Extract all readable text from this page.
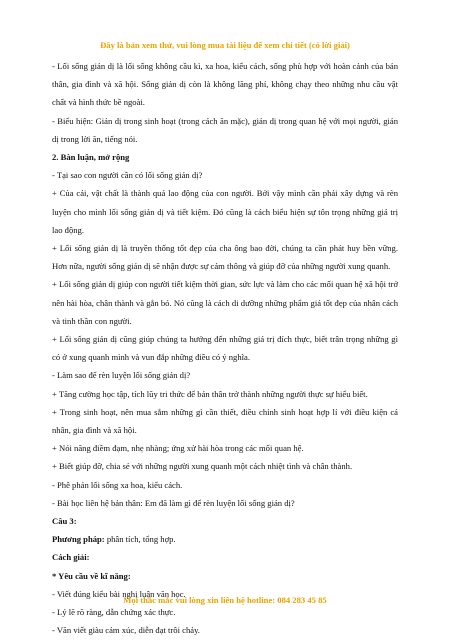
Đây là bản xem thử, vui lòng mua tài liệu để xem chi tiết (có lời giải)

- Lối sống giản dị là lối sống không cầu kì, xa hoa, kiểu cách, sống phù hợp với hoàn cảnh của bản thân, gia đình và xã hội. Sống giản dị còn là không lãng phí, không chạy theo những nhu cầu vật chất và hình thức bề ngoài.

- Biểu hiện: Giản dị trong sinh hoạt (trong cách ăn mặc), giản dị trong quan hệ với mọi người, giản dị trong lời ăn, tiếng nói.

2. Bàn luận, mở rộng

- Tại sao con người cần có lối sống giản dị?

+ Của cải, vật chất là thành quả lao động của con người. Bởi vậy mình cần phải xây dựng và rèn luyện cho mình lối sống giản dị và tiết kiệm. Đó cũng là cách biểu hiện sự tôn trọng những giá trị lao động.

+ Lối sống giản dị là truyền thống tốt đẹp của cha ông bao đời, chúng ta cần phát huy bền vững. Hơn nữa, người sống giản dị sẽ nhận được sự cảm thông và giúp đỡ của những người xung quanh.

+ Lối sống giản dị giúp con người tiết kiệm thời gian, sức lực và làm cho các mối quan hệ xã hội trở nên hài hòa, chân thành và gắn bó. Nó cũng là cách di dưỡng những phẩm giá tốt đẹp của nhân cách và tinh thần con người.

+ Lối sống giản dị cũng giúp chúng ta hướng đến những giá trị đích thực, biết trân trọng những gì có ở xung quanh mình và vun đắp những điều có ý nghĩa.

- Làm sao để rèn luyện lối sống giản dị?

+ Tăng cường học tập, tích lũy tri thức để bản thân trở thành những người thực sự hiểu biết.

+ Trong sinh hoạt, nên mua sắm những gì cần thiết, điều chỉnh sinh hoạt hợp lí với điều kiện cá nhân, gia đình và xã hội.

+ Nói năng điềm đạm, nhẹ nhàng; ứng xử hài hòa trong các mối quan hệ.

+ Biết giúp đỡ, chia sẻ với những người xung quanh một cách nhiệt tình và chân thành.

- Phê phán lối sống xa hoa, kiểu cách.

- Bài học liên hệ bản thân: Em đã làm gì để rèn luyện lối sống giản dị?

Câu 3:

Phương pháp: phân tích, tổng hợp.

Cách giải:

* Yêu cầu về kĩ năng:

- Viết đúng kiểu bài nghị luận văn học.

- Lý lẽ rõ ràng, dẫn chứng xác thực.

- Văn viết giàu cảm xúc, diễn đạt trôi chảy.

Mọi thắc mắc vui lòng xin liên hệ hotline: 084 283 45 85
